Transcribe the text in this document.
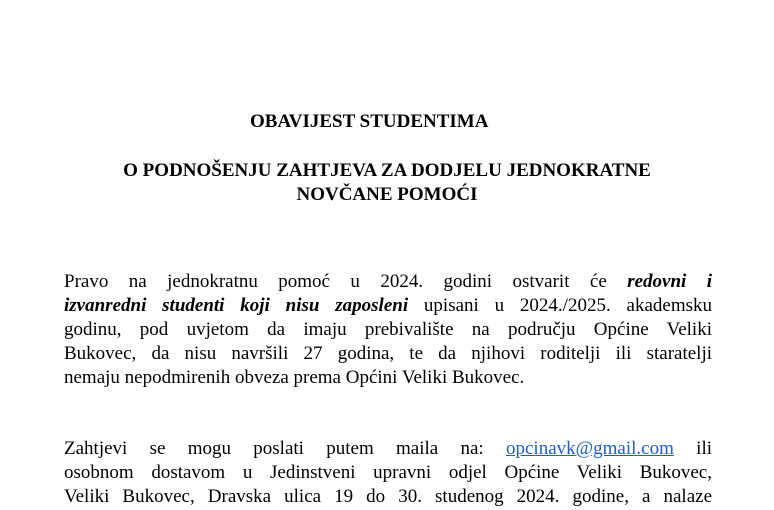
OBAVIJEST STUDENTIMA
O PODNOŠENJU ZAHTJEVA ZA DODJELU JEDNOKRATNE
NOVČANE POMOĆI
Pravo na jednokratnu pomoć u 2024. godini ostvarit će redovni i
izvanredni studenti koji nisu zaposleni upisani u 2024./2025. akademsku
godinu, pod uvjetom da imaju prebivalište na području Općine Veliki
Bukovec, da nisu navršili 27 godina, te da njihovi roditelji ili staratelji
nemaju nepodmirenih obveza prema Općini Veliki Bukovec.
Zahtjevi se mogu poslati putem maila na: opcinavk@gmail.com ili
osobnom dostavom u Jedinstveni upravni odjel Općine Veliki Bukovec,
Veliki Bukovec, Dravska ulica 19 do 30. studenog 2024. godine, a nalaze
